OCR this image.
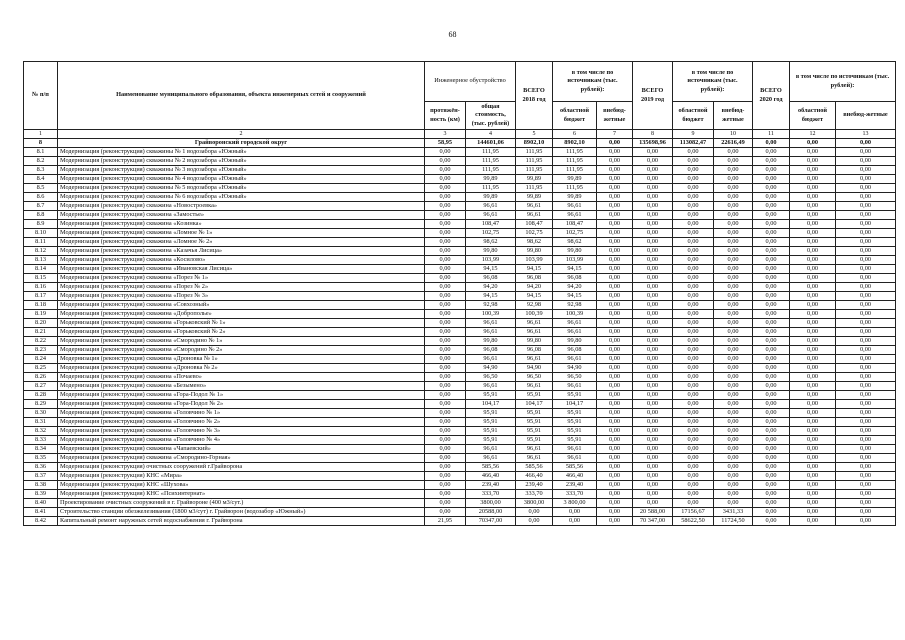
68
№ п/п	Наименование муниципального образования, объекта инженерных сетей и сооружений	Инженерное обустройство		ВСЕГО 2018 год	в том числе по источникам (тыс. рублей):		ВСЕГО 2019 год	в том числе по источникам (тыс. рублей):		ВСЕГО 2020 год	в том числе по источникам (тыс. рублей):	
		протяжён-ность (км)	общая стоимость, (тыс. рублей)		областной бюджет	внебюд-жетные		областной бюджет	внебюд-жетные		областной бюджет	внебюд-жетные
1	2	3	4	5	6	7	8	9	10	11	12	13
8	Грайворонский городской округ	58,95	144601,06	8902,10	8902,10	0,00	135698,96	113082,47	22616,49	0,00	0,00	0,00
8.1	Модернизация (реконструкция) скважины № 1 водозабора «Южный»	0,00	111,95	111,95	111,95	0,00	0,00	0,00	0,00	0,00	0,00	0,00
8.2	Модернизация (реконструкция) скважины № 2 водозабора «Южный»	0,00	111,95	111,95	111,95	0,00	0,00	0,00	0,00	0,00	0,00	0,00
8.3	Модернизация (реконструкция) скважины № 3 водозабора «Южный»	0,00	111,95	111,95	111,95	0,00	0,00	0,00	0,00	0,00	0,00	0,00
8.4	Модернизация (реконструкция) скважины № 4 водозабора «Южный»	0,00	99,89	99,89	99,89	0,00	0,00	0,00	0,00	0,00	0,00	0,00
8.5	Модернизация (реконструкция) скважины № 5 водозабора «Южный»	0,00	111,95	111,95	111,95	0,00	0,00	0,00	0,00	0,00	0,00	0,00
8.6	Модернизация (реконструкция) скважины № 6 водозабора «Южный»	0,00	99,89	99,89	99,89	0,00	0,00	0,00	0,00	0,00	0,00	0,00
8.7	Модернизация (реконструкция) скважина «Новостроевка»	0,00	96,61	96,61	96,61	0,00	0,00	0,00	0,00	0,00	0,00	0,00
8.8	Модернизация (реконструкция) скважина «Замостье»	0,00	96,61	96,61	96,61	0,00	0,00	0,00	0,00	0,00	0,00	0,00
8.9	Модернизация (реконструкция) скважина «Козинка»	0,00	108,47	108,47	108,47	0,00	0,00	0,00	0,00	0,00	0,00	0,00
8.10	Модернизация (реконструкция) скважина «Ломное № 1»	0,00	102,75	102,75	102,75	0,00	0,00	0,00	0,00	0,00	0,00	0,00
8.11	Модернизация (реконструкция) скважина «Ломное № 2»	0,00	98,62	98,62	98,62	0,00	0,00	0,00	0,00	0,00	0,00	0,00
8.12	Модернизация (реконструкция) скважина «Казачья Лисица»	0,00	99,80	99,80	99,80	0,00	0,00	0,00	0,00	0,00	0,00	0,00
8.13	Модернизация (реконструкция) скважина «Косилово»	0,00	103,99	103,99	103,99	0,00	0,00	0,00	0,00	0,00	0,00	0,00
8.14	Модернизация (реконструкция) скважина «Ивановская Лисица»	0,00	94,15	94,15	94,15	0,00	0,00	0,00	0,00	0,00	0,00	0,00
8.15	Модернизация (реконструкция) скважина «Порез № 1»	0,00	96,08	96,08	96,08	0,00	0,00	0,00	0,00	0,00	0,00	0,00
8.16	Модернизация (реконструкция) скважина «Порез № 2»	0,00	94,20	94,20	94,20	0,00	0,00	0,00	0,00	0,00	0,00	0,00
8.17	Модернизация (реконструкция) скважина «Порез № 3»	0,00	94,15	94,15	94,15	0,00	0,00	0,00	0,00	0,00	0,00	0,00
8.18	Модернизация (реконструкция) скважина «Совхозный»	0,00	92,98	92,98	92,98	0,00	0,00	0,00	0,00	0,00	0,00	0,00
8.19	Модернизация (реконструкция) скважина «Доброполье»	0,00	100,39	100,39	100,39	0,00	0,00	0,00	0,00	0,00	0,00	0,00
8.20	Модернизация (реконструкция) скважина «Горьковский № 1»	0,00	96,61	96,61	96,61	0,00	0,00	0,00	0,00	0,00	0,00	0,00
8.21	Модернизация (реконструкция) скважина «Горьковский № 2»	0,00	96,61	96,61	96,61	0,00	0,00	0,00	0,00	0,00	0,00	0,00
8.22	Модернизация (реконструкция) скважина «Смородино № 1»	0,00	99,80	99,80	99,80	0,00	0,00	0,00	0,00	0,00	0,00	0,00
8.23	Модернизация (реконструкция) скважина «Смородино № 2»	0,00	96,08	96,08	96,08	0,00	0,00	0,00	0,00	0,00	0,00	0,00
8.24	Модернизация (реконструкция) скважина «Дроновка № 1»	0,00	96,61	96,61	96,61	0,00	0,00	0,00	0,00	0,00	0,00	0,00
8.25	Модернизация (реконструкция) скважина «Дроновка № 2»	0,00	94,90	94,90	94,90	0,00	0,00	0,00	0,00	0,00	0,00	0,00
8.26	Модернизация (реконструкция) скважина «Почаево»	0,00	96,50	96,50	96,50	0,00	0,00	0,00	0,00	0,00	0,00	0,00
8.27	Модернизация (реконструкция) скважина «Безымено»	0,00	96,61	96,61	96,61	0,00	0,00	0,00	0,00	0,00	0,00	0,00
8.28	Модернизация (реконструкция) скважина «Гора-Подол № 1»	0,00	95,91	95,91	95,91	0,00	0,00	0,00	0,00	0,00	0,00	0,00
8.29	Модернизация (реконструкция) скважина «Гора-Подол № 2»	0,00	104,17	104,17	104,17	0,00	0,00	0,00	0,00	0,00	0,00	0,00
8.30	Модернизация (реконструкция) скважина «Головчино № 1»	0,00	95,91	95,91	95,91	0,00	0,00	0,00	0,00	0,00	0,00	0,00
8.31	Модернизация (реконструкция) скважина «Головчино № 2»	0,00	95,91	95,91	95,91	0,00	0,00	0,00	0,00	0,00	0,00	0,00
8.32	Модернизация (реконструкция) скважина «Головчино № 3»	0,00	95,91	95,91	95,91	0,00	0,00	0,00	0,00	0,00	0,00	0,00
8.33	Модернизация (реконструкция) скважина «Головчино № 4»	0,00	95,91	95,91	95,91	0,00	0,00	0,00	0,00	0,00	0,00	0,00
8.34	Модернизация (реконструкция) скважина «Чапаевский»	0,00	96,61	96,61	96,61	0,00	0,00	0,00	0,00	0,00	0,00	0,00
8.35	Модернизация (реконструкция) скважина «Смородино-Горная»	0,00	96,61	96,61	96,61	0,00	0,00	0,00	0,00	0,00	0,00	0,00
8.36	Модернизация (реконструкция) очистных сооружений г.Грайворона	0,00	585,56	585,56	585,56	0,00	0,00	0,00	0,00	0,00	0,00	0,00
8.37	Модернизация (реконструкция) КНС «Мира»	0,00	466,40	466,40	466,40	0,00	0,00	0,00	0,00	0,00	0,00	0,00
8.38	Модернизация (реконструкция) КНС «Шухова»	0,00	239,40	239,40	239,40	0,00	0,00	0,00	0,00	0,00	0,00	0,00
8.39	Модернизация (реконструкция) КНС «Психинтернат»	0,00	333,70	333,70	333,70	0,00	0,00	0,00	0,00	0,00	0,00	0,00
8.40	Проектирование очистных сооружений в г. Грайвороне (400 м3/сут.)	0,00	3800,00	3800,00	3 800,00	0,00	0,00	0,00	0,00	0,00	0,00	0,00
8.41	Строительство станции обезжелезивания (1800 м3/сут) г. Грайворон (водозабор «Южный»)	0,00	20588,00	0,00	0,00	0,00	20 588,00	17156,67	3431,33	0,00	0,00	0,00
8.42	Капитальный ремонт наружных сетей водоснабжения г. Грайворона	21,95	70347,00	0,00	0,00	0,00	70 347,00	58622,50	11724,50	0,00	0,00	0,00
